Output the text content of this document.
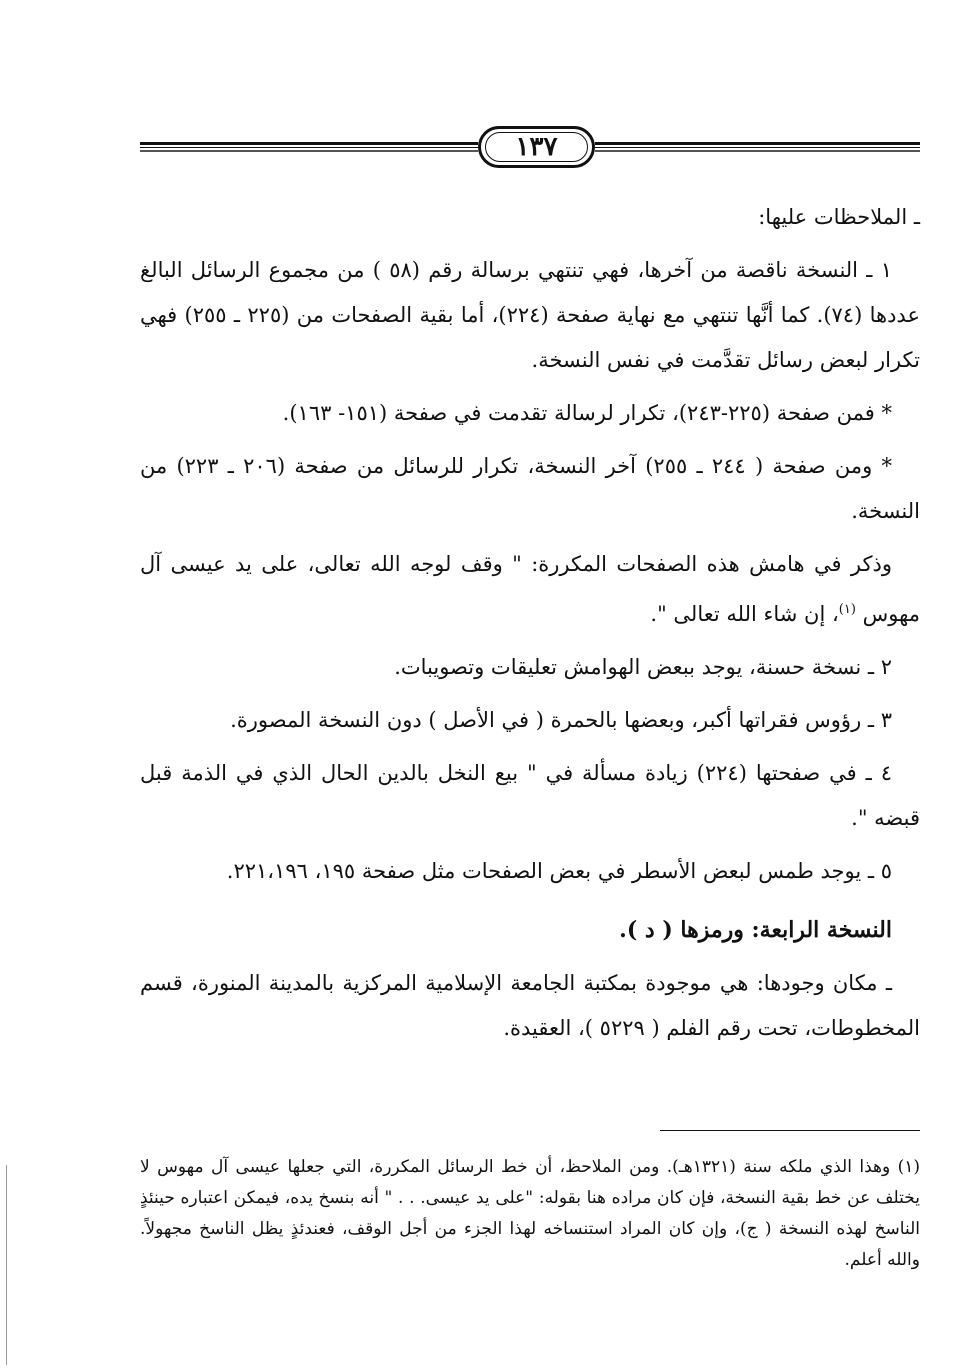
١٣٧

ـ الملاحظات عليها:

١ ـ النسخة ناقصة من آخرها، فهي تنتهي برسالة رقم (٥٨ ) من مجموع الرسائل البالغ عددها (٧٤). كما أنَّها تنتهي مع نهاية صفحة (٢٢٤)، أما بقية الصفحات من (٢٢٥ ـ ٢٥٥) فهي تكرار لبعض رسائل تقدَّمت في نفس النسخة.

* فمن صفحة (٢٢٥-٢٤٣)، تكرار لرسالة تقدمت في صفحة (١٥١- ١٦٣).

* ومن صفحة ( ٢٤٤ ـ ٢٥٥) آخر النسخة، تكرار للرسائل من صفحة (٢٠٦ ـ ٢٢٣) من النسخة.

وذكر في هامش هذه الصفحات المكررة: " وقف لوجه الله تعالى، على يد عيسى آل مهوس $^{(١)}$، إن شاء الله تعالى ".

٢ ـ نسخة حسنة، يوجد ببعض الهوامش تعليقات وتصويبات.

٣ ـ رؤوس فقراتها أكبر، وبعضها بالحمرة ( في الأصل ) دون النسخة المصورة.

٤ ـ في صفحتها (٢٢٤) زيادة مسألة في " بيع النخل بالدين الحال الذي في الذمة قبل قبضه ".

٥ ـ يوجد طمس لبعض الأسطر في بعض الصفحات مثل صفحة ١٩٥، ٢٢١،١٩٦.

النسخة الرابعة: ورمزها ( د ).

ـ مكان وجودها: هي موجودة بمكتبة الجامعة الإسلامية المركزية بالمدينة المنورة، قسم المخطوطات، تحت رقم الفلم ( ٥٢٢٩ )، العقيدة.

(١) وهذا الذي ملكه سنة (١٣٢١هـ). ومن الملاحظ، أن خط الرسائل المكررة، التي جعلها عيسى آل مهوس لا يختلف عن خط بقية النسخة، فإن كان مراده هنا بقوله: "على يد عيسى. . . " أنه بنسخ يده، فيمكن اعتباره حينئذٍ الناسخ لهذه النسخة ( ج)، وإن كان المراد استنساخه لهذا الجزء من أجل الوقف، فعندئذٍ يظل الناسخ مجهولاً. والله أعلم.
